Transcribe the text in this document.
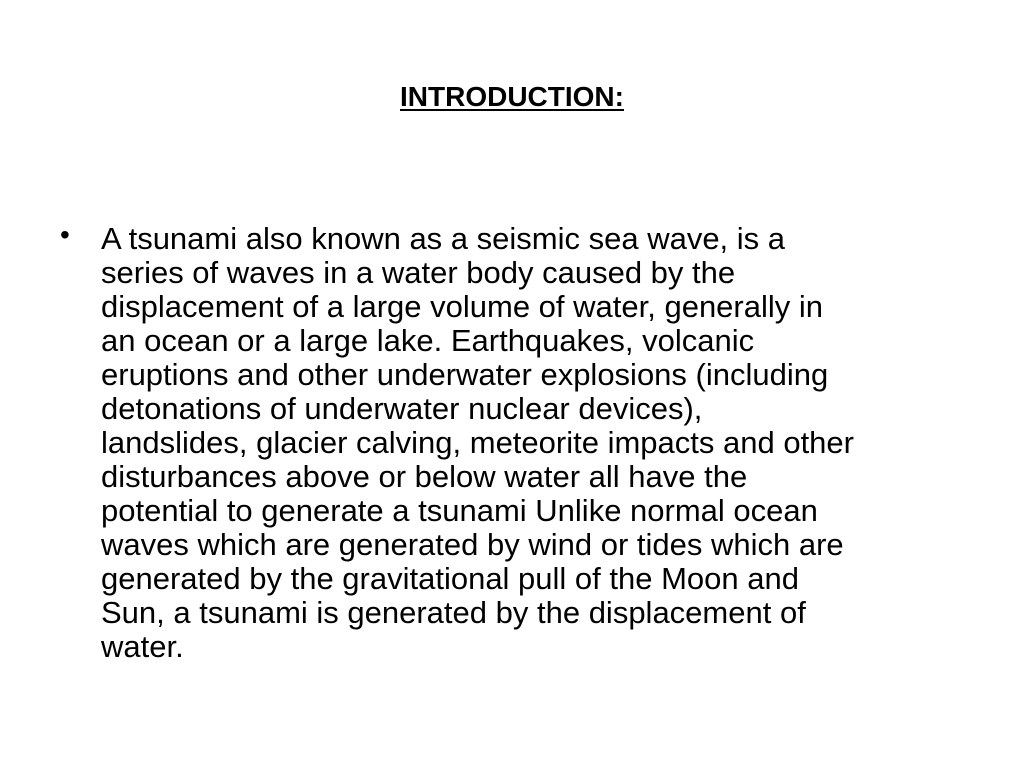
INTRODUCTION:
• A tsunami also known as a seismic sea wave, is a
series of waves in a water body caused by the
displacement of a large volume of water, generally in
an ocean or a large lake. Earthquakes, volcanic
eruptions and other underwater explosions (including
detonations of underwater nuclear devices),
landslides, glacier calving, meteorite impacts and other
disturbances above or below water all have the
potential to generate a tsunami Unlike normal ocean
waves which are generated by wind or tides which are
generated by the gravitational pull of the Moon and
Sun, a tsunami is generated by the displacement of
water.
